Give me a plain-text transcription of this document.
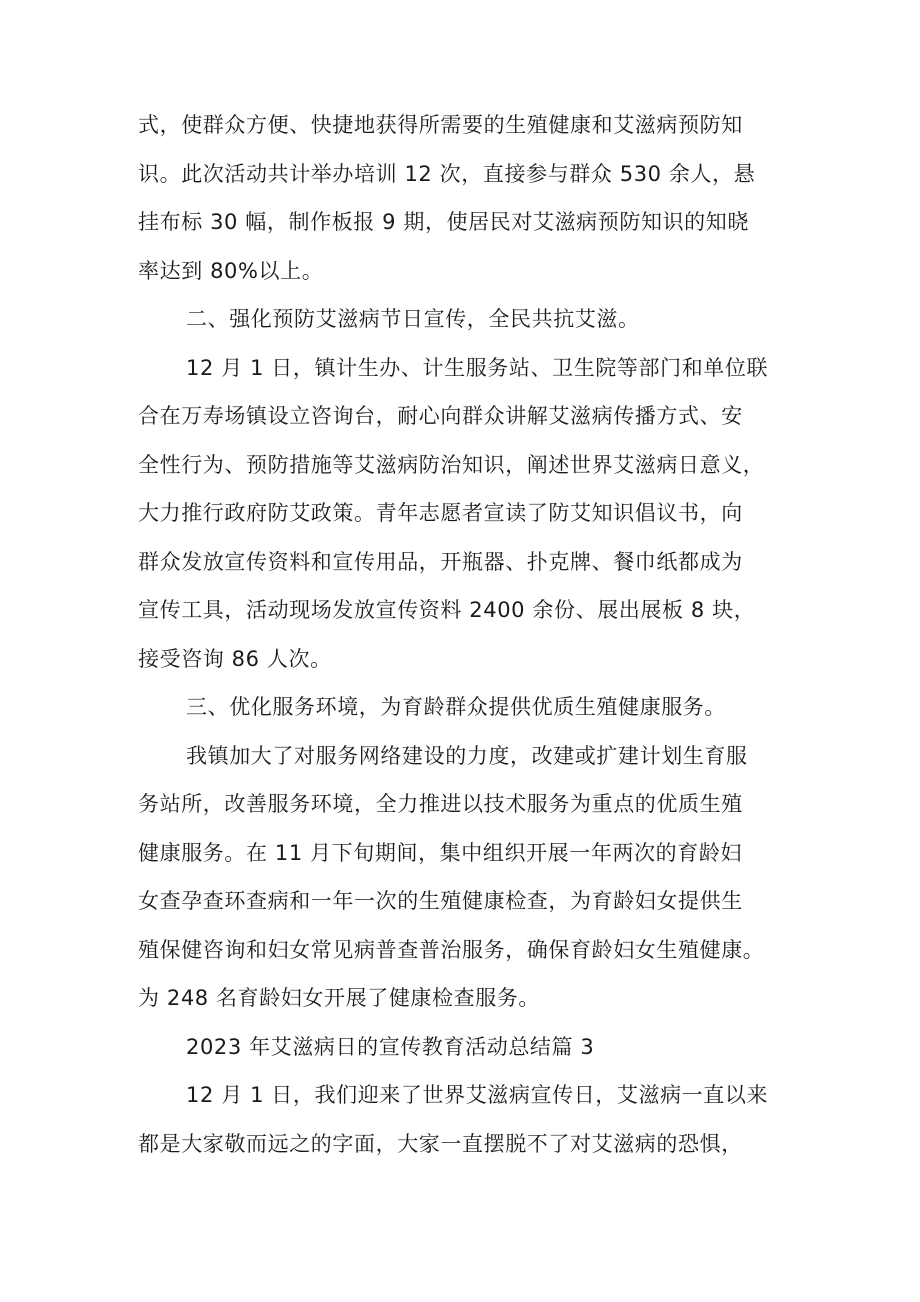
式，使群众方便、快捷地获得所需要的生殖健康和艾滋病预防知
识。此次活动共计举办培训 12 次，直接参与群众 530 余人，悬
挂布标 30 幅，制作板报 9 期，使居民对艾滋病预防知识的知晓
率达到 80%以上。
二、强化预防艾滋病节日宣传，全民共抗艾滋。
12 月 1 日，镇计生办、计生服务站、卫生院等部门和单位联
合在万寿场镇设立咨询台，耐心向群众讲解艾滋病传播方式、安
全性行为、预防措施等艾滋病防治知识，阐述世界艾滋病日意义，
大力推行政府防艾政策。青年志愿者宣读了防艾知识倡议书，向
群众发放宣传资料和宣传用品，开瓶器、扑克牌、餐巾纸都成为
宣传工具，活动现场发放宣传资料 2400 余份、展出展板 8 块，
接受咨询 86 人次。
三、优化服务环境，为育龄群众提供优质生殖健康服务。
我镇加大了对服务网络建设的力度，改建或扩建计划生育服
务站所，改善服务环境，全力推进以技术服务为重点的优质生殖
健康服务。在 11 月下旬期间，集中组织开展一年两次的育龄妇
女查孕查环查病和一年一次的生殖健康检查，为育龄妇女提供生
殖保健咨询和妇女常见病普查普治服务，确保育龄妇女生殖健康。
为 248 名育龄妇女开展了健康检查服务。
2023 年艾滋病日的宣传教育活动总结篇 3
12 月 1 日，我们迎来了世界艾滋病宣传日，艾滋病一直以来
都是大家敬而远之的字面，大家一直摆脱不了对艾滋病的恐惧，
